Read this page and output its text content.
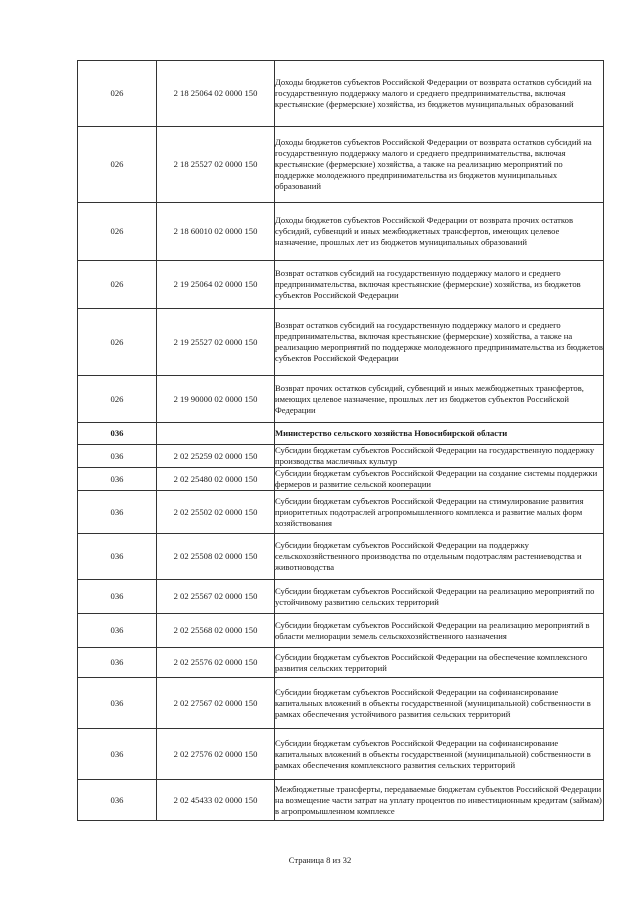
026	2 18 25064 02 0000 150	Доходы бюджетов субъектов Российской Федерации от возврата остатков субсидий на государственную поддержку малого и среднего предпринимательства, включая крестьянские (фермерские) хозяйства, из бюджетов муниципальных образований
026	2 18 25527 02 0000 150	Доходы бюджетов субъектов Российской Федерации от возврата остатков субсидий на государственную поддержку малого и среднего предпринимательства, включая крестьянские (фермерские) хозяйства, а также на реализацию мероприятий по поддержке молодежного предпринимательства из бюджетов муниципальных образований
026	2 18 60010 02 0000 150	Доходы бюджетов субъектов Российской Федерации от возврата прочих остатков субсидий, субвенций и иных межбюджетных трансфертов, имеющих целевое назначение, прошлых лет из бюджетов муниципальных образований
026	2 19 25064 02 0000 150	Возврат остатков субсидий на государственную поддержку малого и среднего предпринимательства, включая крестьянские (фермерские) хозяйства, из бюджетов субъектов Российской Федерации
026	2 19 25527 02 0000 150	Возврат остатков субсидий на государственную поддержку малого и среднего предпринимательства, включая крестьянские (фермерские) хозяйства, а также на реализацию мероприятий по поддержке молодежного предпринимательства из бюджетов субъектов Российской Федерации
026	2 19 90000 02 0000 150	Возврат прочих остатков субсидий, субвенций и иных межбюджетных трансфертов, имеющих целевое назначение, прошлых лет из бюджетов субъектов Российской Федерации
036		Министерство сельского хозяйства Новосибирской области
036	2 02 25259 02 0000 150	Субсидии бюджетам субъектов Российской Федерации на государственную поддержку производства масличных культур
036	2 02 25480 02 0000 150	Субсидии бюджетам субъектов Российской Федерации на создание системы поддержки фермеров и развитие сельской кооперации
036	2 02 25502 02 0000 150	Субсидии бюджетам субъектов Российской Федерации на стимулирование развития приоритетных подотраслей агропромышленного комплекса и развитие малых форм хозяйствования
036	2 02 25508 02 0000 150	Субсидии бюджетам субъектов Российской Федерации на поддержку сельскохозяйственного производства по отдельным подотраслям растениеводства и животноводства
036	2 02 25567 02 0000 150	Субсидии бюджетам субъектов Российской Федерации на реализацию мероприятий по устойчивому развитию сельских территорий
036	2 02 25568 02 0000 150	Субсидии бюджетам субъектов Российской Федерации на реализацию мероприятий в области мелиорации земель сельскохозяйственного назначения
036	2 02 25576 02 0000 150	Субсидии бюджетам субъектов Российской Федерации на обеспечение комплексного развития сельских территорий
036	2 02 27567 02 0000 150	Субсидии бюджетам субъектов Российской Федерации на софинансирование капитальных вложений в объекты государственной (муниципальной) собственности в рамках обеспечения устойчивого развития сельских территорий
036	2 02 27576 02 0000 150	Субсидии бюджетам субъектов Российской Федерации на софинансирование капитальных вложений в объекты государственной (муниципальной) собственности в рамках обеспечения комплексного развития сельских территорий
036	2 02 45433 02 0000 150	Межбюджетные трансферты, передаваемые бюджетам субъектов Российской Федерации на возмещение части затрат на уплату процентов по инвестиционным кредитам (займам) в агропромышленном комплексе
Страница 8 из 32
